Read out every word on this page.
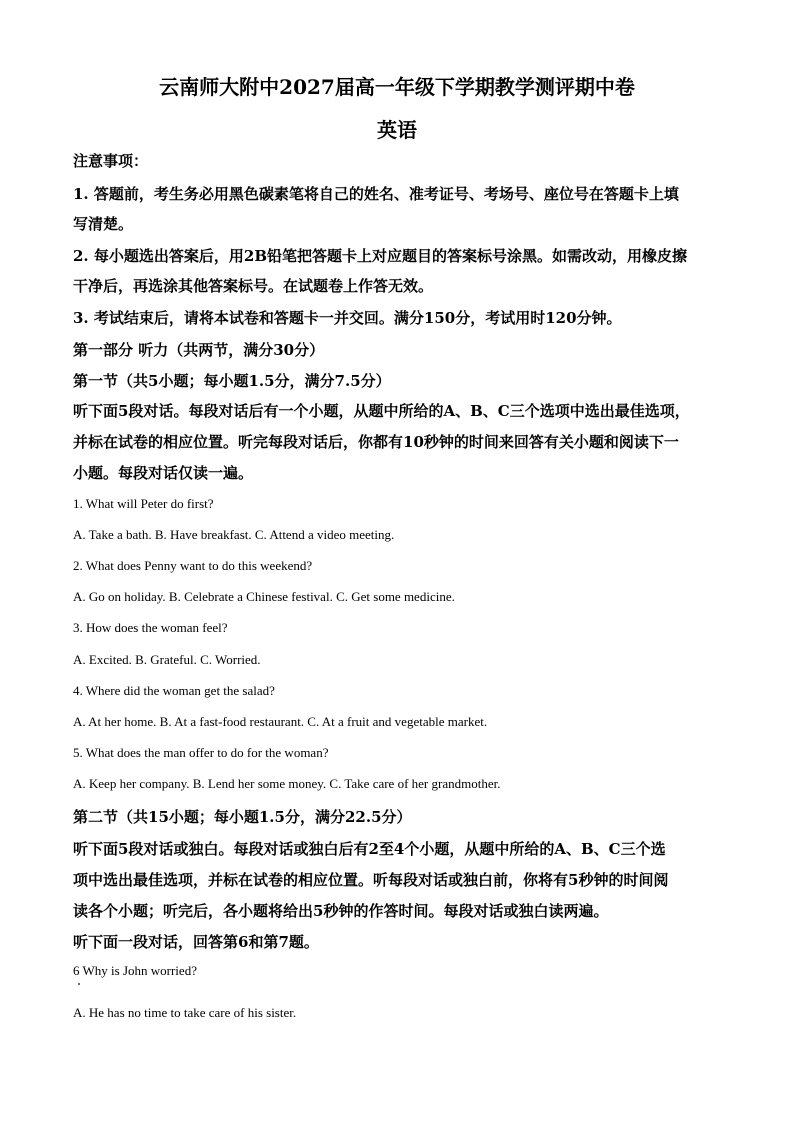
云南师大附中2027届高一年级下学期教学测评期中卷
英语
注意事项：
1. 答题前，考生务必用黑色碳素笔将自己的姓名、准考证号、考场号、座位号在答题卡上填
写清楚。
2. 每小题选出答案后，用2B铅笔把答题卡上对应题目的答案标号涂黑。如需改动，用橡皮擦
干净后，再选涂其他答案标号。在试题卷上作答无效。
3. 考试结束后，请将本试卷和答题卡一并交回。满分150分，考试用时120分钟。
第一部分 听力（共两节，满分30分）
第一节（共5小题；每小题1.5分，满分7.5分）
听下面5段对话。每段对话后有一个小题，从题中所给的A、B、C三个选项中选出最佳选项，
并标在试卷的相应位置。听完每段对话后，你都有10秒钟的时间来回答有关小题和阅读下一
小题。每段对话仅读一遍。
1. What will Peter do first?
A. Take a bath. B. Have breakfast. C. Attend a video meeting.
2. What does Penny want to do this weekend?
A. Go on holiday. B. Celebrate a Chinese festival. C. Get some medicine.
3. How does the woman feel?
A. Excited. B. Grateful. C. Worried.
4. Where did the woman get the salad?
A. At her home. B. At a fast-food restaurant. C. At a fruit and vegetable market.
5. What does the man offer to do for the woman?
A. Keep her company. B. Lend her some money. C. Take care of her grandmother.
第二节（共15小题；每小题1.5分，满分22.5分）
听下面5段对话或独白。每段对话或独白后有2至4个小题，从题中所给的A、B、C三个选
项中选出最佳选项，并标在试卷的相应位置。听每段对话或独白前，你将有5秒钟的时间阅
读各个小题；听完后，各小题将给出5秒钟的作答时间。每段对话或独白读两遍。
听下面一段对话，回答第6和第7题。
6 Why is John worried?
A. He has no time to take care of his sister.
